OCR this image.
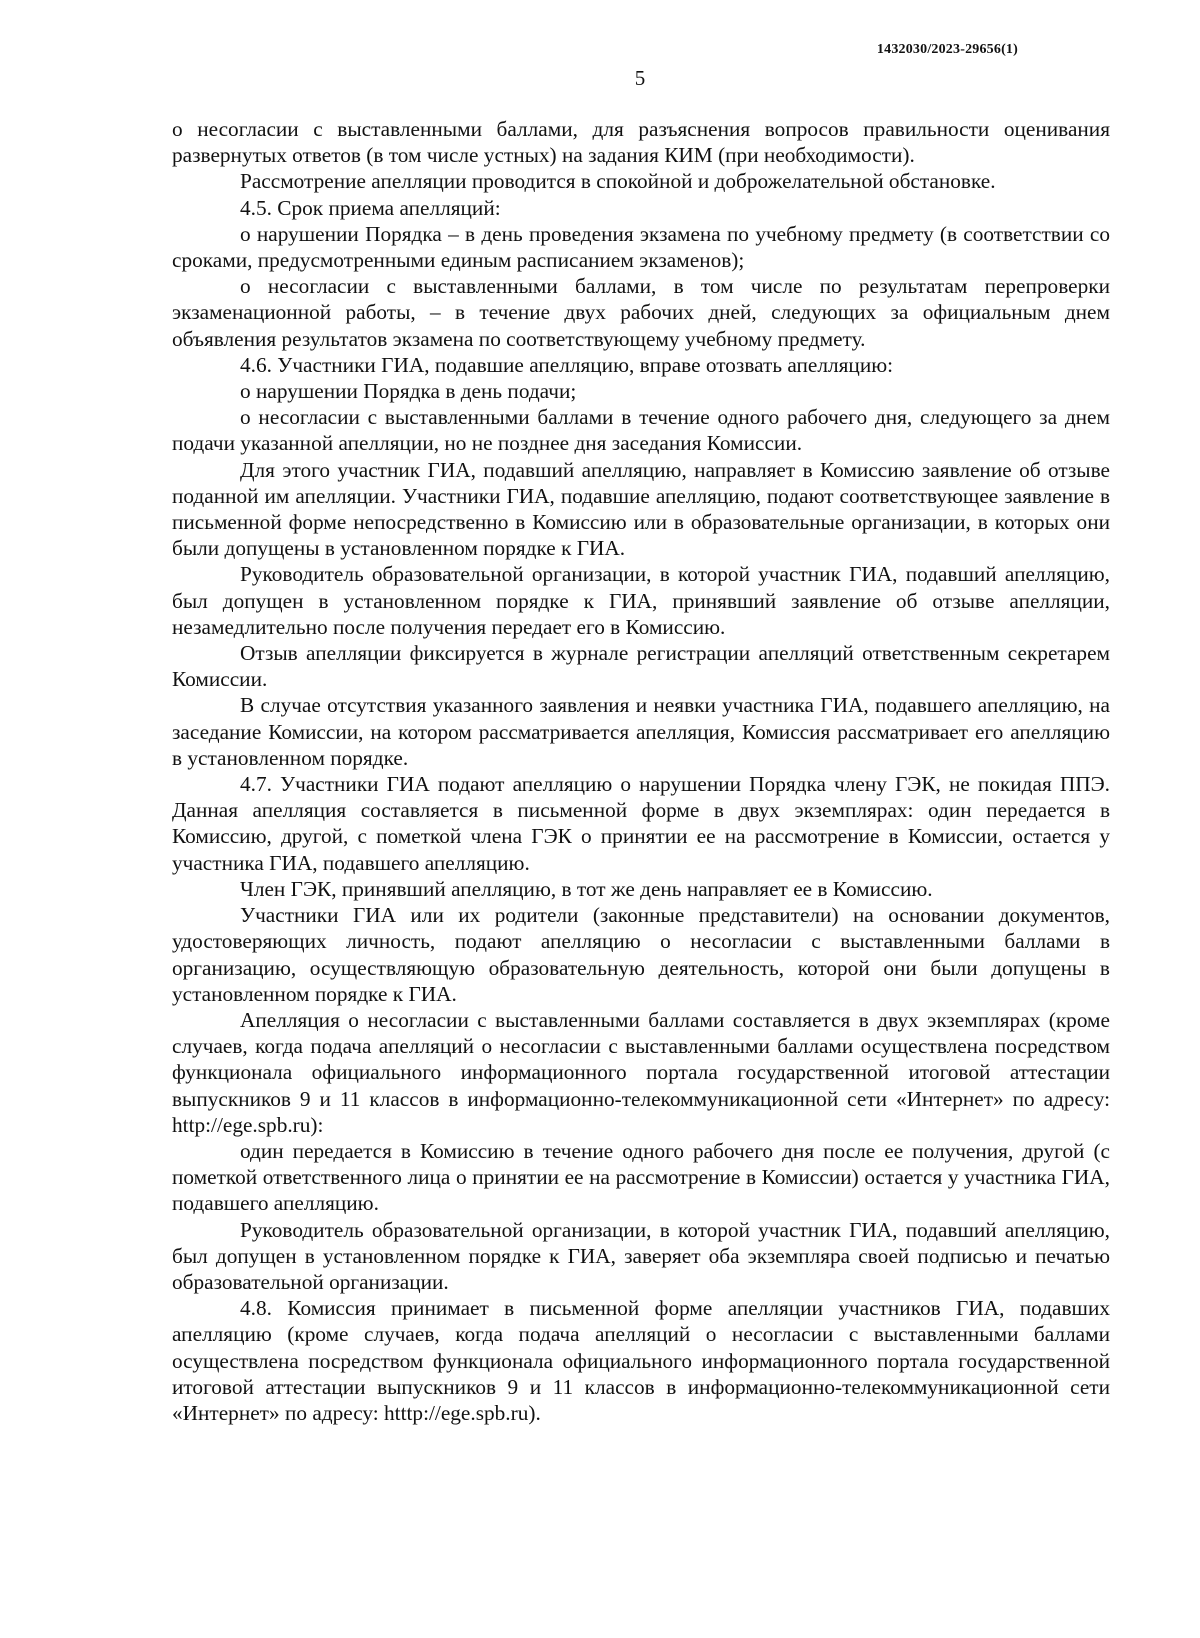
1432030/2023-29656(1)
5

о несогласии с выставленными баллами, для разъяснения вопросов правильности оценивания развернутых ответов (в том числе устных) на задания КИМ (при необходимости).

Рассмотрение апелляции проводится в спокойной и доброжелательной обстановке.

4.5. Срок приема апелляций:

о нарушении Порядка – в день проведения экзамена по учебному предмету (в соответствии со сроками, предусмотренными единым расписанием экзаменов);

о несогласии с выставленными баллами, в том числе по результатам перепроверки экзаменационной работы, – в течение двух рабочих дней, следующих за официальным днем объявления результатов экзамена по соответствующему учебному предмету.

4.6. Участники ГИА, подавшие апелляцию, вправе отозвать апелляцию:

о нарушении Порядка в день подачи;

о несогласии с выставленными баллами в течение одного рабочего дня, следующего за днем подачи указанной апелляции, но не позднее дня заседания Комиссии.

Для этого участник ГИА, подавший апелляцию, направляет в Комиссию заявление об отзыве поданной им апелляции. Участники ГИА, подавшие апелляцию, подают соответствующее заявление в письменной форме непосредственно в Комиссию или в образовательные организации, в которых они были допущены в установленном порядке к ГИА.

Руководитель образовательной организации, в которой участник ГИА, подавший апелляцию, был допущен в установленном порядке к ГИА, принявший заявление об отзыве апелляции, незамедлительно после получения передает его в Комиссию.

Отзыв апелляции фиксируется в журнале регистрации апелляций ответственным секретарем Комиссии.

В случае отсутствия указанного заявления и неявки участника ГИА, подавшего апелляцию, на заседание Комиссии, на котором рассматривается апелляция, Комиссия рассматривает его апелляцию в установленном порядке.

4.7. Участники ГИА подают апелляцию о нарушении Порядка члену ГЭК, не покидая ППЭ. Данная апелляция составляется в письменной форме в двух экземплярах: один передается в Комиссию, другой, с пометкой члена ГЭК о принятии ее на рассмотрение в Комиссии, остается у участника ГИА, подавшего апелляцию.

Член ГЭК, принявший апелляцию, в тот же день направляет ее в Комиссию.

Участники ГИА или их родители (законные представители) на основании документов, удостоверяющих личность, подают апелляцию о несогласии с выставленными баллами в организацию, осуществляющую образовательную деятельность, которой они были допущены в установленном порядке к ГИА.

Апелляция о несогласии с выставленными баллами составляется в двух экземплярах (кроме случаев, когда подача апелляций о несогласии с выставленными баллами осуществлена посредством функционала официального информационного портала государственной итоговой аттестации выпускников 9 и 11 классов в информационно-телекоммуникационной сети «Интернет» по адресу: http://ege.spb.ru):

один передается в Комиссию в течение одного рабочего дня после ее получения, другой (с пометкой ответственного лица о принятии ее на рассмотрение в Комиссии) остается у участника ГИА, подавшего апелляцию.

Руководитель образовательной организации, в которой участник ГИА, подавший апелляцию, был допущен в установленном порядке к ГИА, заверяет оба экземпляра своей подписью и печатью образовательной организации.

4.8. Комиссия принимает в письменной форме апелляции участников ГИА, подавших апелляцию (кроме случаев, когда подача апелляций о несогласии с выставленными баллами осуществлена посредством функционала официального информационного портала государственной итоговой аттестации выпускников 9 и 11 классов в информационно-телекоммуникационной сети «Интернет» по адресу: htttp://ege.spb.ru).
